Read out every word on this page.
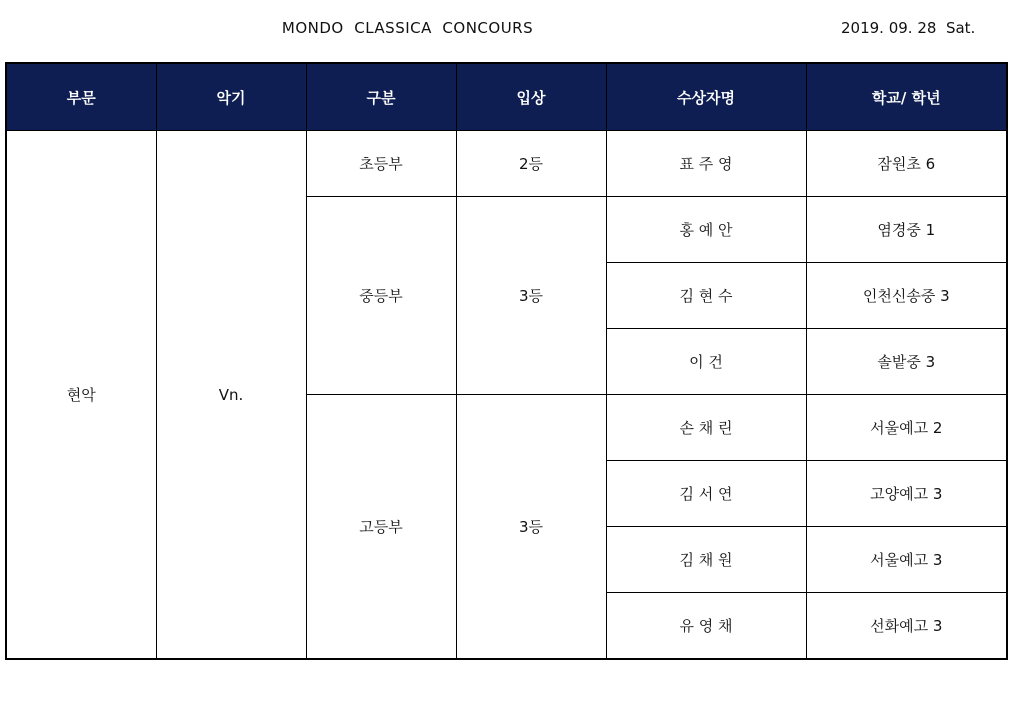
MONDO  CLASSICA  CONCOURS	2019. 09. 28  Sat.
부문	악기	구분	입상	수상자명	학교/ 학년
현악	Vn.	초등부	2등	표 주 영	잠원초 6
		중등부	3등	홍 예 안	염경중 1
				김 현 수	인천신송중 3
				이 건	솔밭중 3
		고등부	3등	손 채 린	서울예고 2
				김 서 연	고양예고 3
				김 채 원	서울예고 3
				유 영 채	선화예고 3
